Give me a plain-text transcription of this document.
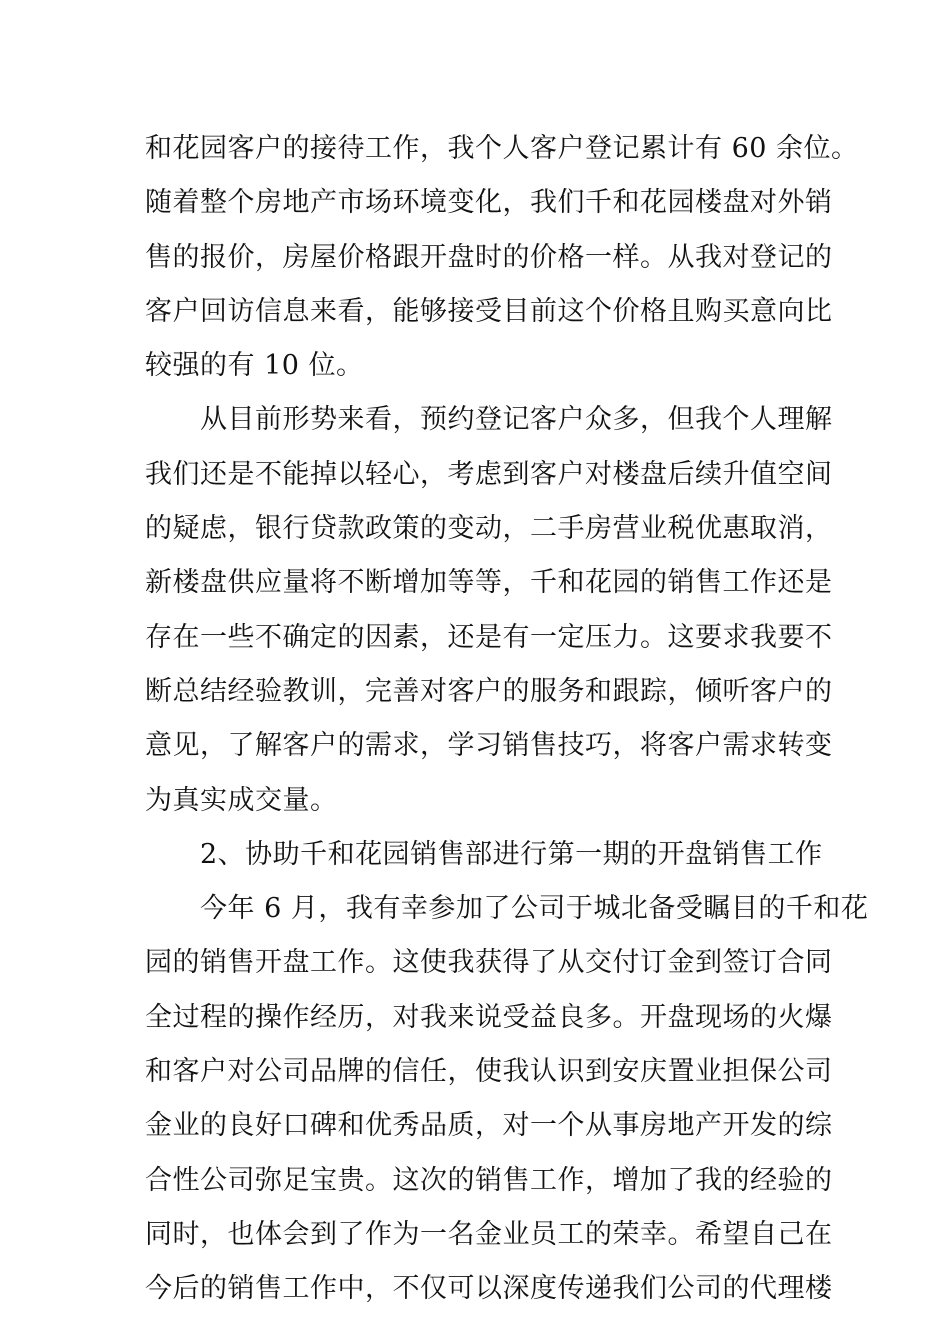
和花园客户的接待工作，我个人客户登记累计有 60 余位。
随着整个房地产市场环境变化，我们千和花园楼盘对外销
售的报价，房屋价格跟开盘时的价格一样。从我对登记的
客户回访信息来看，能够接受目前这个价格且购买意向比
较强的有 10 位。
从目前形势来看，预约登记客户众多，但我个人理解
我们还是不能掉以轻心，考虑到客户对楼盘后续升值空间
的疑虑，银行贷款政策的变动，二手房营业税优惠取消，
新楼盘供应量将不断增加等等，千和花园的销售工作还是
存在一些不确定的因素，还是有一定压力。这要求我要不
断总结经验教训，完善对客户的服务和跟踪，倾听客户的
意见，了解客户的需求，学习销售技巧，将客户需求转变
为真实成交量。
2、协助千和花园销售部进行第一期的开盘销售工作
今年 6 月，我有幸参加了公司于城北备受瞩目的千和花
园的销售开盘工作。这使我获得了从交付订金到签订合同
全过程的操作经历，对我来说受益良多。开盘现场的火爆
和客户对公司品牌的信任，使我认识到安庆置业担保公司
金业的良好口碑和优秀品质，对一个从事房地产开发的综
合性公司弥足宝贵。这次的销售工作，增加了我的经验的
同时，也体会到了作为一名金业员工的荣幸。希望自己在
今后的销售工作中，不仅可以深度传递我们公司的代理楼
